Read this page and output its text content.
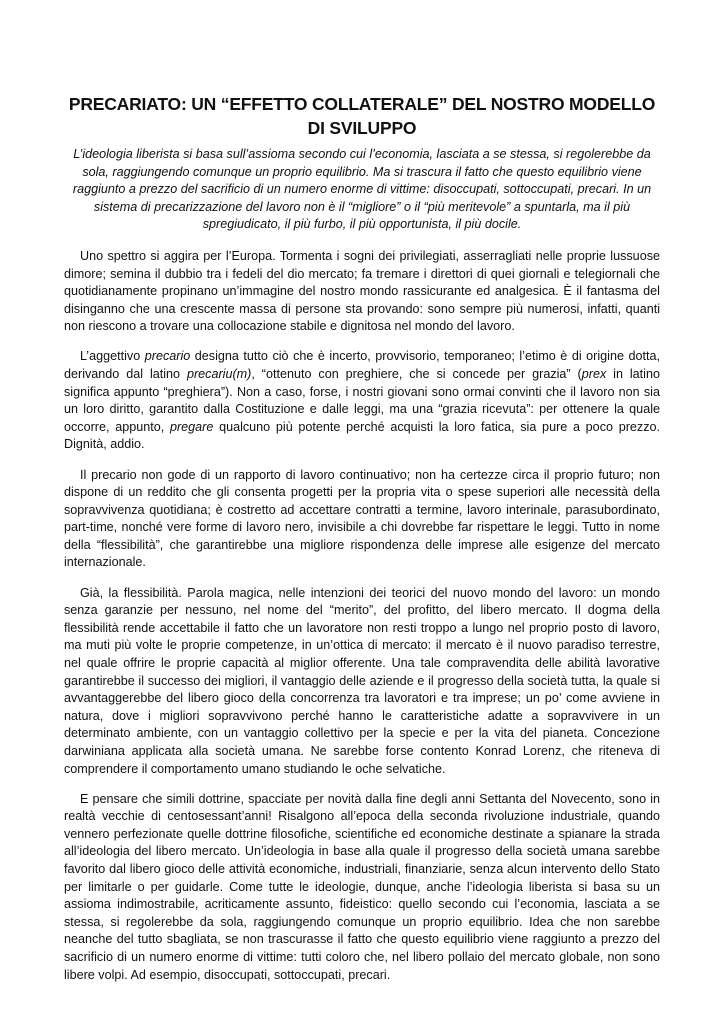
PRECARIATO: UN “EFFETTO COLLATERALE” DEL NOSTRO MODELLO DI SVILUPPO

L’ideologia liberista si basa sull’assioma secondo cui l’economia, lasciata a se stessa, si regolerebbe da sola, raggiungendo comunque un proprio equilibrio. Ma si trascura il fatto che questo equilibrio viene raggiunto a prezzo del sacrificio di un numero enorme di vittime: disoccupati, sottoccupati, precari. In un sistema di precarizzazione del lavoro non è il “migliore” o il “più meritevole” a spuntarla, ma il più spregiudicato, il più furbo, il più opportunista, il più docile.

Uno spettro si aggira per l’Europa. Tormenta i sogni dei privilegiati, asserragliati nelle proprie lussuose dimore; semina il dubbio tra i fedeli del dio mercato; fa tremare i direttori di quei giornali e telegiornali che quotidianamente propinano un’immagine del nostro mondo rassicurante ed analgesica. È il fantasma del disinganno che una crescente massa di persone sta provando: sono sempre più numerosi, infatti, quanti non riescono a trovare una collocazione stabile e dignitosa nel mondo del lavoro.

L’aggettivo precario designa tutto ciò che è incerto, provvisorio, temporaneo; l’etimo è di origine dotta, derivando dal latino precariu(m), “ottenuto con preghiere, che si concede per grazia” (prex in latino significa appunto “preghiera”). Non a caso, forse, i nostri giovani sono ormai convinti che il lavoro non sia un loro diritto, garantito dalla Costituzione e dalle leggi, ma una “grazia ricevuta”: per ottenere la quale occorre, appunto, pregare qualcuno più potente perché acquisti la loro fatica, sia pure a poco prezzo. Dignità, addio.

Il precario non gode di un rapporto di lavoro continuativo; non ha certezze circa il proprio futuro; non dispone di un reddito che gli consenta progetti per la propria vita o spese superiori alle necessità della sopravvivenza quotidiana; è costretto ad accettare contratti a termine, lavoro interinale, parasubordinato, part-time, nonché vere forme di lavoro nero, invisibile a chi dovrebbe far rispettare le leggi. Tutto in nome della “flessibilità”, che garantirebbe una migliore rispondenza delle imprese alle esigenze del mercato internazionale.

Già, la flessibilità. Parola magica, nelle intenzioni dei teorici del nuovo mondo del lavoro: un mondo senza garanzie per nessuno, nel nome del “merito”, del profitto, del libero mercato. Il dogma della flessibilità rende accettabile il fatto che un lavoratore non resti troppo a lungo nel proprio posto di lavoro, ma muti più volte le proprie competenze, in un’ottica di mercato: il mercato è il nuovo paradiso terrestre, nel quale offrire le proprie capacità al miglior offerente. Una tale compravendita delle abilità lavorative garantirebbe il successo dei migliori, il vantaggio delle aziende e il progresso della società tutta, la quale si avvantaggerebbe del libero gioco della concorrenza tra lavoratori e tra imprese; un po’ come avviene in natura, dove i migliori sopravvivono perché hanno le caratteristiche adatte a sopravvivere in un determinato ambiente, con un vantaggio collettivo per la specie e per la vita del pianeta. Concezione darwiniana applicata alla società umana. Ne sarebbe forse contento Konrad Lorenz, che riteneva di comprendere il comportamento umano studiando le oche selvatiche.

E pensare che simili dottrine, spacciate per novità dalla fine degli anni Settanta del Novecento, sono in realtà vecchie di centosessant’anni! Risalgono all’epoca della seconda rivoluzione industriale, quando vennero perfezionate quelle dottrine filosofiche, scientifiche ed economiche destinate a spianare la strada all’ideologia del libero mercato. Un’ideologia in base alla quale il progresso della società umana sarebbe favorito dal libero gioco delle attività economiche, industriali, finanziarie, senza alcun intervento dello Stato per limitarle o per guidarle. Come tutte le ideologie, dunque, anche l’ideologia liberista si basa su un assioma indimostrabile, acriticamente assunto, fideistico: quello secondo cui l’economia, lasciata a se stessa, si regolerebbe da sola, raggiungendo comunque un proprio equilibrio. Idea che non sarebbe neanche del tutto sbagliata, se non trascurasse il fatto che questo equilibrio viene raggiunto a prezzo del sacrificio di un numero enorme di vittime: tutti coloro che, nel libero pollaio del mercato globale, non sono libere volpi. Ad esempio, disoccupati, sottoccupati, precari.
